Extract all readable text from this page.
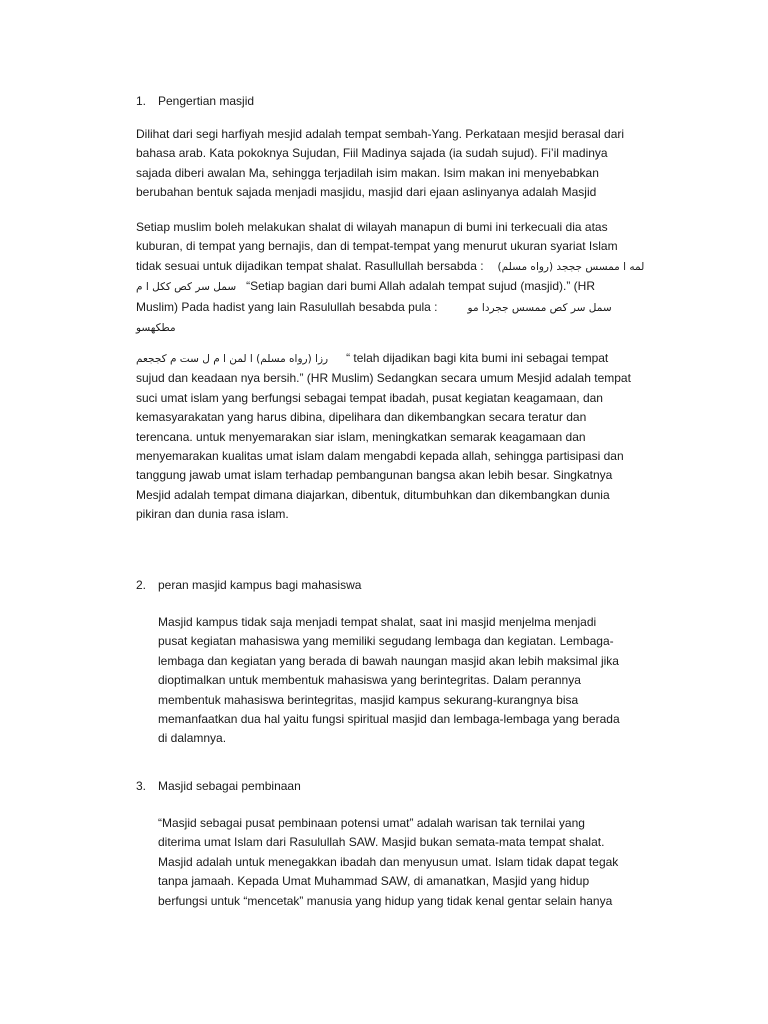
1. Pengertian masjid
Dilihat dari segi harfiyah mesjid adalah tempat sembah-Yang. Perkataan mesjid berasal dari
bahasa arab. Kata pokoknya Sujudan, Fiil Madinya sajada (ia sudah sujud). Fi’il madinya
sajada diberi awalan Ma, sehingga terjadilah isim makan. Isim makan ini menyebabkan
berubahan bentuk sajada menjadi masjidu, masjid dari ejaan aslinyanya adalah Masjid
Setiap muslim boleh melakukan shalat di wilayah manapun di bumi ini terkecuali dia atas
kuburan, di tempat yang bernajis, dan di tempat-tempat yang menurut ukuran syariat Islam
tidak sesuai untuk dijadikan tempat shalat. Rasullullah bersabda : لمه ا ممسس جججد (رواه مسلم)
سمل سر كص ككل ا م “Setiap bagian dari bumi Allah adalah tempat sujud (masjid).” (HR
Muslim) Pada hadist yang lain Rasulullah besabda pula :	سمل سر كص ممسس ججردا مو
مطكهسو
رزا (رواه مسلم) ا لمن ا م ل ست م كججعم “ telah dijadikan bagi kita bumi ini sebagai tempat
sujud dan keadaan nya bersih.” (HR Muslim) Sedangkan secara umum Mesjid adalah tempat
suci umat islam yang berfungsi sebagai tempat ibadah, pusat kegiatan keagamaan, dan
kemasyarakatan yang harus dibina, dipelihara dan dikembangkan secara teratur dan
terencana. untuk menyemarakan siar islam, meningkatkan semarak keagamaan dan
menyemarakan kualitas umat islam dalam mengabdi kepada allah, sehingga partisipasi dan
tanggung jawab umat islam terhadap pembangunan bangsa akan lebih besar. Singkatnya
Mesjid adalah tempat dimana diajarkan, dibentuk, ditumbuhkan dan dikembangkan dunia
pikiran dan dunia rasa islam.
2. peran masjid kampus bagi mahasiswa
Masjid kampus tidak saja menjadi tempat shalat, saat ini masjid menjelma menjadi
pusat kegiatan mahasiswa yang memiliki segudang lembaga dan kegiatan. Lembaga-
lembaga dan kegiatan yang berada di bawah naungan masjid akan lebih maksimal jika
dioptimalkan untuk membentuk mahasiswa yang berintegritas. Dalam perannya
membentuk mahasiswa berintegritas, masjid kampus sekurang-kurangnya bisa
memanfaatkan dua hal yaitu fungsi spiritual masjid dan lembaga-lembaga yang berada
di dalamnya.
3. Masjid sebagai pembinaan
“Masjid sebagai pusat pembinaan potensi umat” adalah warisan tak ternilai yang
diterima umat Islam dari Rasulullah SAW. Masjid bukan semata-mata tempat shalat.
Masjid adalah untuk menegakkan ibadah dan menyusun umat. Islam tidak dapat tegak
tanpa jamaah. Kepada Umat Muhammad SAW, di amanatkan, Masjid yang hidup
berfungsi untuk “mencetak” manusia yang hidup yang tidak kenal gentar selain hanya
